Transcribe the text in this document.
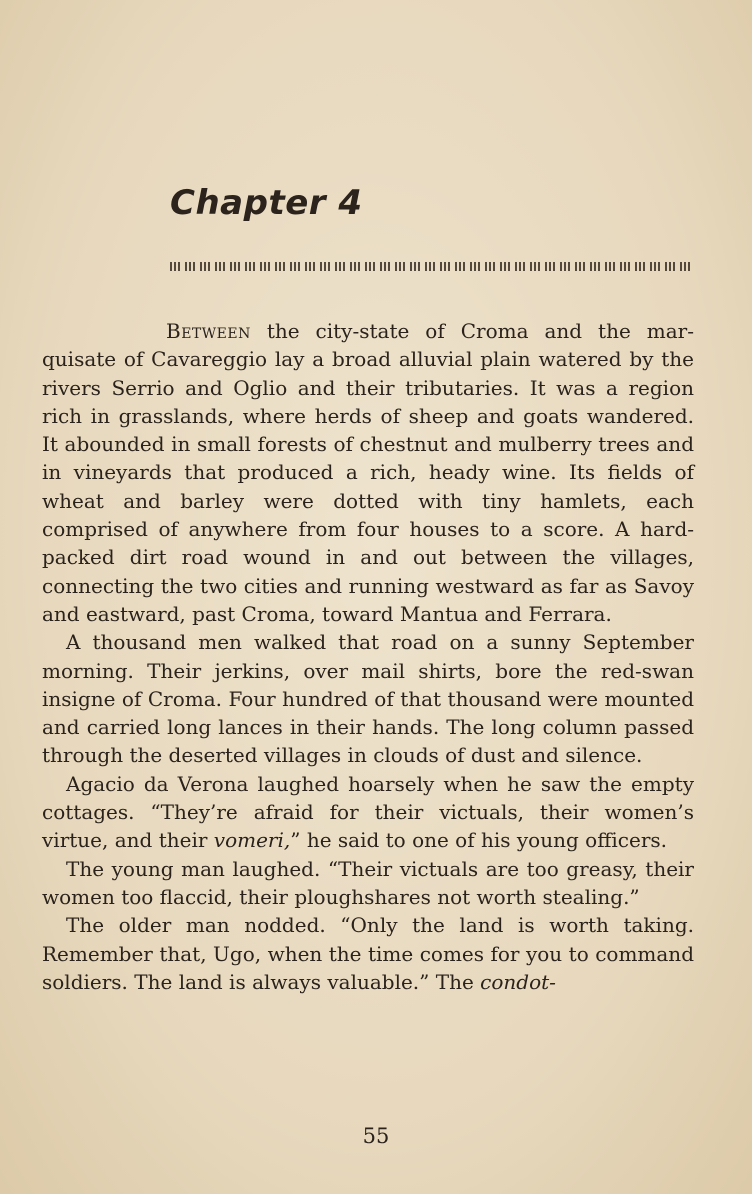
Chapter 4

Between the city-state of Croma and the marquisate of Cavareggio lay a broad alluvial plain watered by the rivers Serrio and Oglio and their tributaries. It was a region rich in grasslands, where herds of sheep and goats wandered. It abounded in small forests of chestnut and mulberry trees and in vineyards that produced a rich, heady wine. Its fields of wheat and barley were dotted with tiny hamlets, each comprised of anywhere from four houses to a score. A hard-packed dirt road wound in and out between the villages, connecting the two cities and running westward as far as Savoy and eastward, past Croma, toward Mantua and Ferrara.

A thousand men walked that road on a sunny September morning. Their jerkins, over mail shirts, bore the red-swan insigne of Croma. Four hundred of that thousand were mounted and carried long lances in their hands. The long column passed through the deserted villages in clouds of dust and silence.

Agacio da Verona laughed hoarsely when he saw the empty cottages. “They’re afraid for their victuals, their women’s virtue, and their vomeri,” he said to one of his young officers.

The young man laughed. “Their victuals are too greasy, their women too flaccid, their ploughshares not worth stealing.”

The older man nodded. “Only the land is worth taking. Remember that, Ugo, when the time comes for you to command soldiers. The land is always valuable.” The condot-

55
